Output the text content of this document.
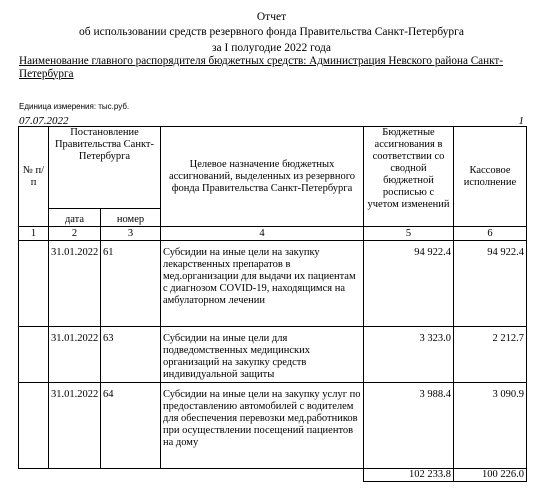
Отчет
об использовании средств резервного фонда Правительства Санкт-Петербурга
за I полугодие 2022 года
Наименование главного распорядителя бюджетных средств: Администрация Невского района Санкт-Петербурга
Единица измерения: тыс.руб.
07.07.2022	1
№ п/п	Постановление Правительства Санкт-Петербурга		Целевое назначение бюджетных ассигнований, выделенных из резервного фонда Правительства Санкт-Петербурга	Бюджетные ассигнования в соответствии со сводной бюджетной росписью с учетом изменений	Кассовое исполнение
	дата	номер			
1	2	3	4	5	6
	31.01.2022	61	Субсидии на иные цели на закупку лекарственных препаратов в мед.организации для выдачи их пациентам с диагнозом COVID-19, находящимся на амбулаторном лечении	94 922.4	94 922.4
	31.01.2022	63	Субсидии на иные цели для подведомственных медицинских организаций на закупку средств индивидуальной защиты	3 323.0	2 212.7
	31.01.2022	64	Субсидии на иные цели на закупку услуг по предоставлению автомобилей с водителем для обеспечения перевозки мед.работников при осуществлении посещений пациентов на дому	3 988.4	3 090.9
				102 233.8	100 226.0
